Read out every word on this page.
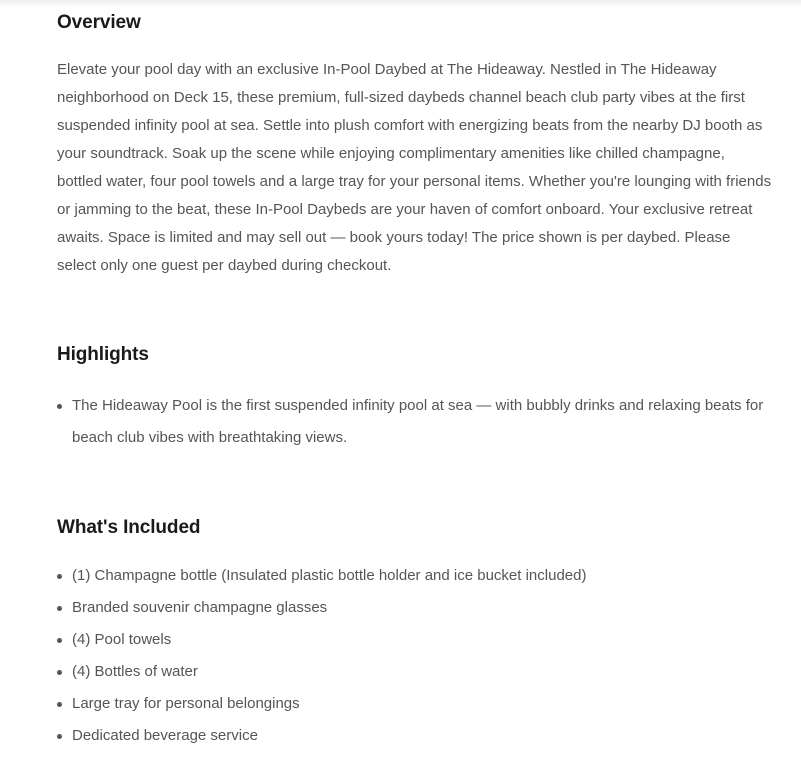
Overview

Elevate your pool day with an exclusive In-Pool Daybed at The Hideaway. Nestled in The Hideaway neighborhood on Deck 15, these premium, full-sized daybeds channel beach club party vibes at the first suspended infinity pool at sea. Settle into plush comfort with energizing beats from the nearby DJ booth as your soundtrack. Soak up the scene while enjoying complimentary amenities like chilled champagne, bottled water, four pool towels and a large tray for your personal items. Whether you're lounging with friends or jamming to the beat, these In-Pool Daybeds are your haven of comfort onboard. Your exclusive retreat awaits. Space is limited and may sell out — book yours today! The price shown is per daybed. Please select only one guest per daybed during checkout.

Highlights
The Hideaway Pool is the first suspended infinity pool at sea — with bubbly drinks and relaxing beats for beach club vibes with breathtaking views.
What's Included
(1) Champagne bottle (Insulated plastic bottle holder and ice bucket included)
Branded souvenir champagne glasses
(4) Pool towels
(4) Bottles of water
Large tray for personal belongings
Dedicated beverage service
